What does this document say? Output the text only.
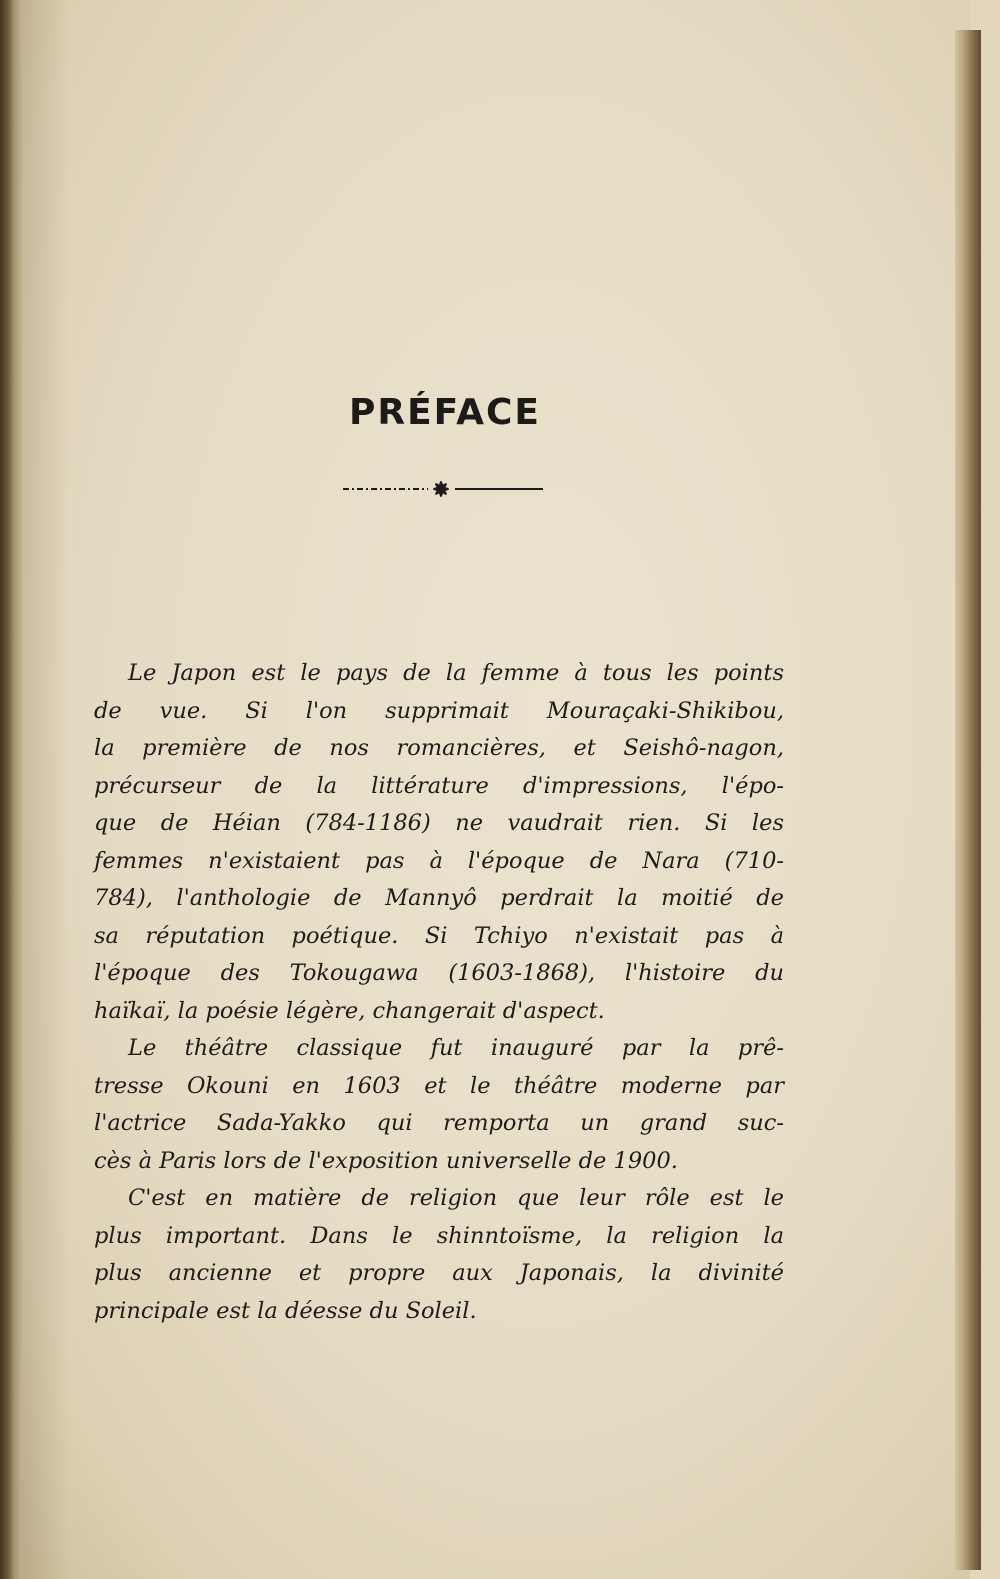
PRÉFACE
Le Japon est le pays de la femme à tous les points
de vue. Si l'on supprimait Mouraçaki-Shikibou,
la première de nos romancières, et Seishô-nagon,
précurseur de la littérature d'impressions, l'épo-
que de Héian (784-1186) ne vaudrait rien. Si les
femmes n'existaient pas à l'époque de Nara (710-
784), l'anthologie de Mannyô perdrait la moitié de
sa réputation poétique. Si Tchiyo n'existait pas à
l'époque des Tokougawa (1603-1868), l'histoire du
haïkaï, la poésie légère, changerait d'aspect.
Le théâtre classique fut inauguré par la prê-
tresse Okouni en 1603 et le théâtre moderne par
l'actrice Sada-Yakko qui remporta un grand suc-
cès à Paris lors de l'exposition universelle de 1900.
C'est en matière de religion que leur rôle est le
plus important. Dans le shinntoïsme, la religion la
plus ancienne et propre aux Japonais, la divinité
principale est la déesse du Soleil.
